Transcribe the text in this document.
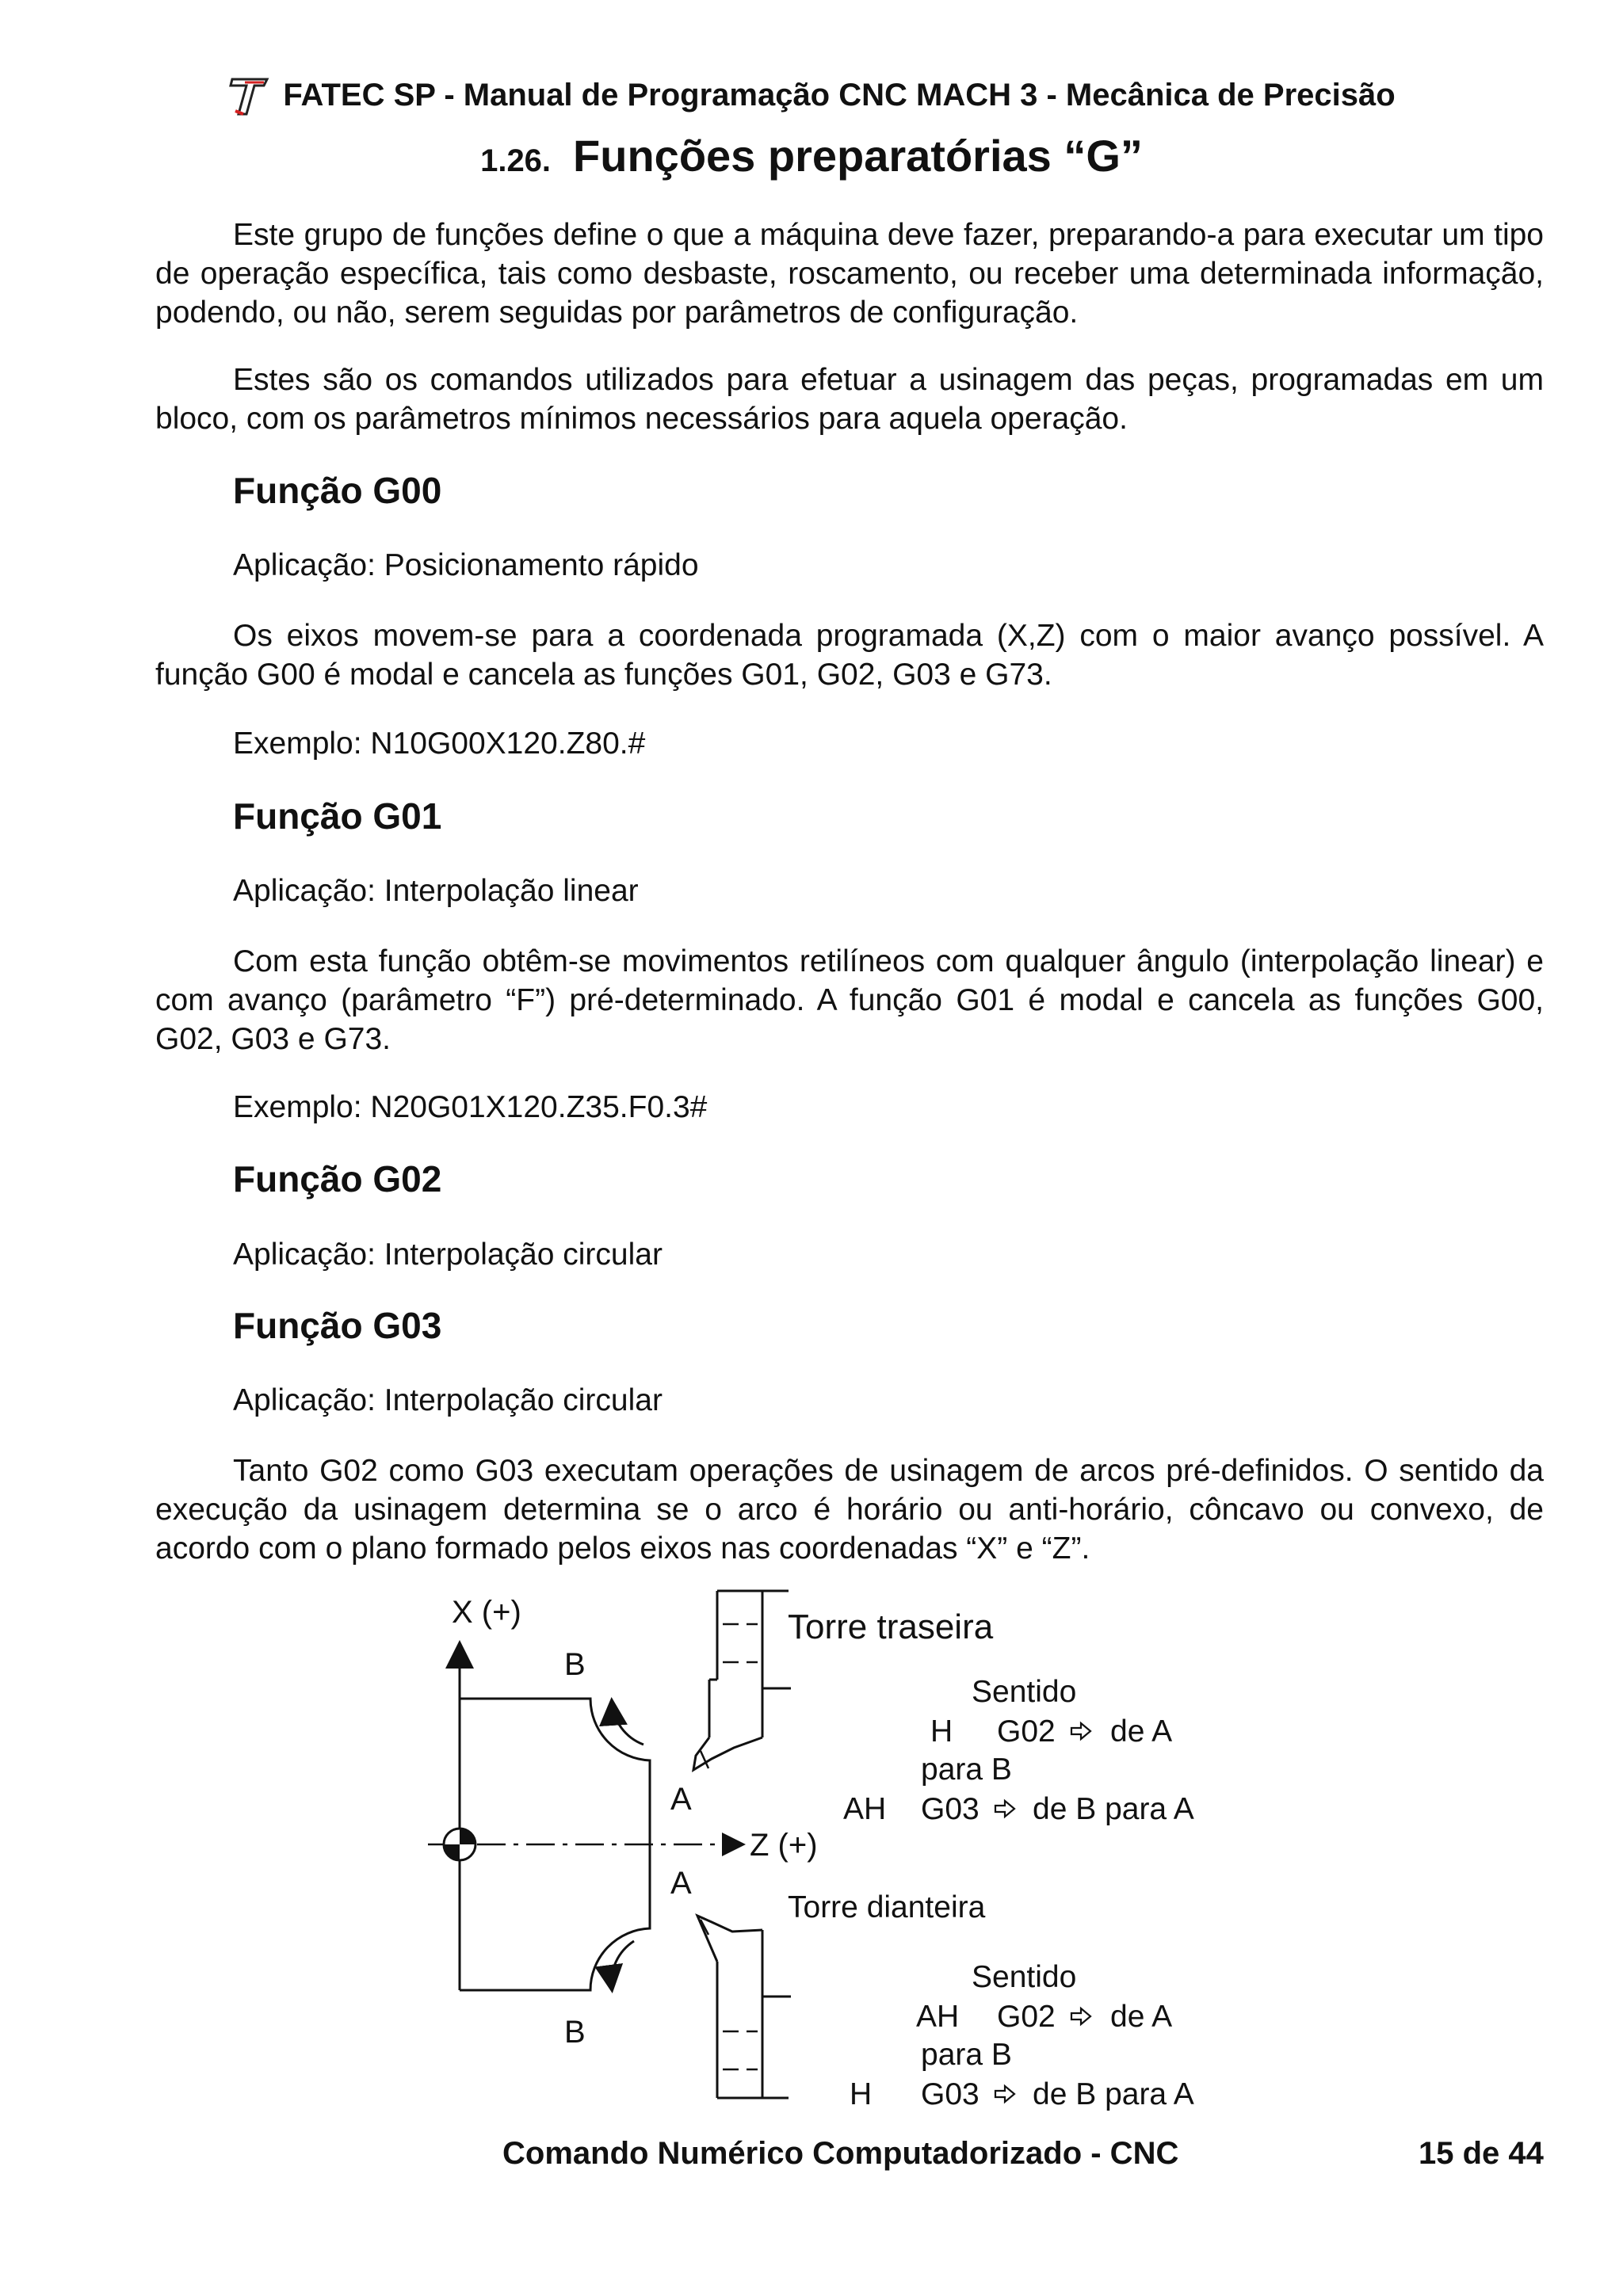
FATEC SP - Manual de Programação CNC MACH 3 - Mecânica de Precisão
1.26. Funções preparatórias “G”

Este grupo de funções define o que a máquina deve fazer, preparando-a para executar um tipo de operação específica, tais como desbaste, roscamento, ou receber uma determinada informação, podendo, ou não, serem seguidas por parâmetros de configuração.

Estes são os comandos utilizados para efetuar a usinagem das peças, programadas em um bloco, com os parâmetros mínimos necessários para aquela operação.

Função G00

Aplicação: Posicionamento rápido

Os eixos movem-se para a coordenada programada (X,Z) com o maior avanço possível. A função G00 é modal e cancela as funções G01, G02, G03 e G73.

Exemplo: N10G00X120.Z80.#

Função G01

Aplicação: Interpolação linear

Com esta função obtêm-se movimentos retilíneos com qualquer ângulo (interpolação linear) e com avanço (parâmetro “F”) pré-determinado. A função G01 é modal e cancela as funções G00, G02, G03 e G73.

Exemplo: N20G01X120.Z35.F0.3#

Função G02

Aplicação: Interpolação circular

Função G03

Aplicação: Interpolação circular

Tanto G02 como G03 executam operações de usinagem de arcos pré-definidos. O sentido da execução da usinagem determina se o arco é horário ou anti-horário, côncavo ou convexo, de acordo com o plano formado pelos eixos nas coordenadas “X” e “Z”.

X (+)
Z (+)
B
A
A
B
Torre traseira
Sentido
H G02 de A
para B
AH G03 de B para A
Torre dianteira
Sentido
AH G02 de A
para B
H G03 de B para A
Comando Numérico Computadorizado - CNC	15 de 44
